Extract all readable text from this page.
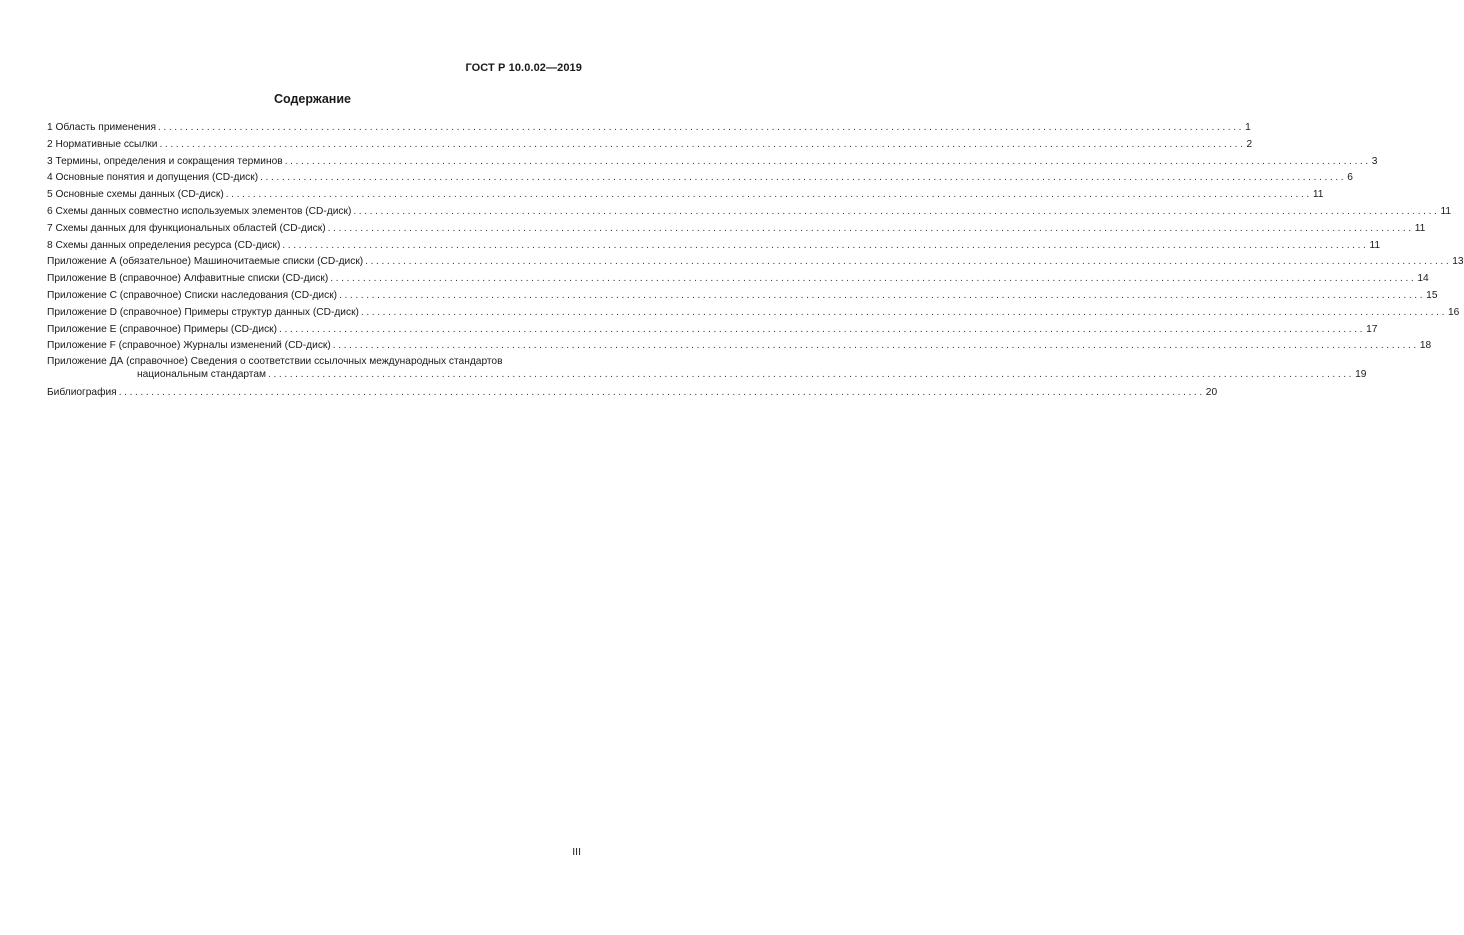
ГОСТ Р 10.0.02—2019
Содержание
1 Область применения ........................................................................................................................................................................................................ 1
2 Нормативные ссылки ........................................................................................................................................................................................................ 2
3 Термины, определения и сокращения терминов ........................................................................................................................................................................................................ 3
4 Основные понятия и допущения (CD-диск) ........................................................................................................................................................................................................ 6
5 Основные схемы данных (CD-диск) ........................................................................................................................................................................................................ 11
6 Схемы данных совместно используемых элементов (CD-диск) ........................................................................................................................................................................................................ 11
7 Схемы данных для функциональных областей (CD-диск) ........................................................................................................................................................................................................ 11
8 Схемы данных определения ресурса (CD-диск) ........................................................................................................................................................................................................ 11
Приложение А (обязательное) Машиночитаемые списки (CD-диск) ........................................................................................................................................................................................................ 13
Приложение В (справочное) Алфавитные списки (CD-диск) ........................................................................................................................................................................................................ 14
Приложение С (справочное) Списки наследования (CD-диск) ........................................................................................................................................................................................................ 15
Приложение D (справочное) Примеры структур данных (CD-диск) ........................................................................................................................................................................................................ 16
Приложение Е (справочное) Примеры (CD-диск) ........................................................................................................................................................................................................ 17
Приложение F (справочное) Журналы изменений (CD-диск) ........................................................................................................................................................................................................ 18
Приложение ДА (справочное) Сведения о соответствии ссылочных международных стандартов
национальным стандартам ........................................................................................................................................................................................................ 19
Библиография ........................................................................................................................................................................................................ 20
III
